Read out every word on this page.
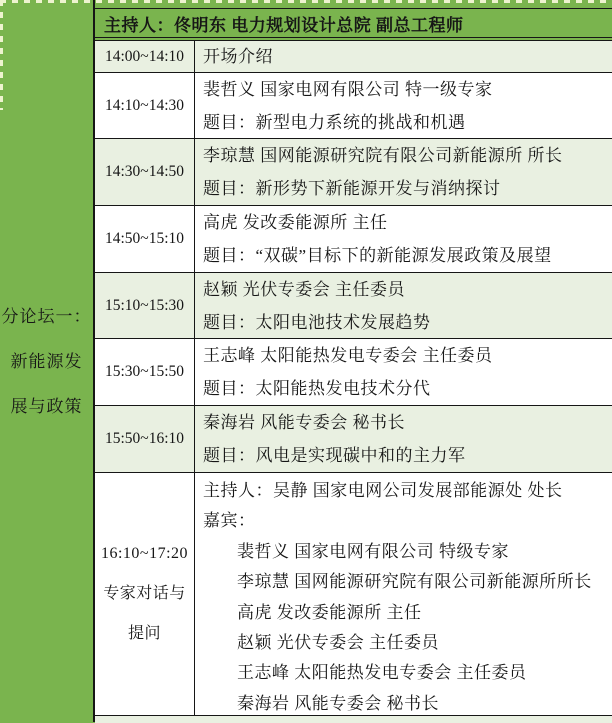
分论坛一：
新能源发
展与政策
主持人：佟明东 电力规划设计总院 副总工程师
14:00~14:10	开场介绍
14:10~14:30
裴哲义 国家电网有限公司 特一级专家
题目：新型电力系统的挑战和机遇
14:30~14:50
李琼慧 国网能源研究院有限公司新能源所 所长
题目：新形势下新能源开发与消纳探讨
14:50~15:10
高虎 发改委能源所 主任
题目：“双碳”目标下的新能源发展政策及展望
15:10~15:30
赵颖 光伏专委会 主任委员
题目：太阳电池技术发展趋势
15:30~15:50
王志峰 太阳能热发电专委会 主任委员
题目：太阳能热发电技术分代
15:50~16:10
秦海岩 风能专委会 秘书长
题目：风电是实现碳中和的主力军
16:10~17:20
专家对话与
提问
主持人：吴静 国家电网公司发展部能源处 处长
嘉宾：
裴哲义 国家电网有限公司 特级专家
李琼慧 国网能源研究院有限公司新能源所所长
高虎 发改委能源所 主任
赵颖 光伏专委会 主任委员
王志峰 太阳能热发电专委会 主任委员
秦海岩 风能专委会 秘书长
